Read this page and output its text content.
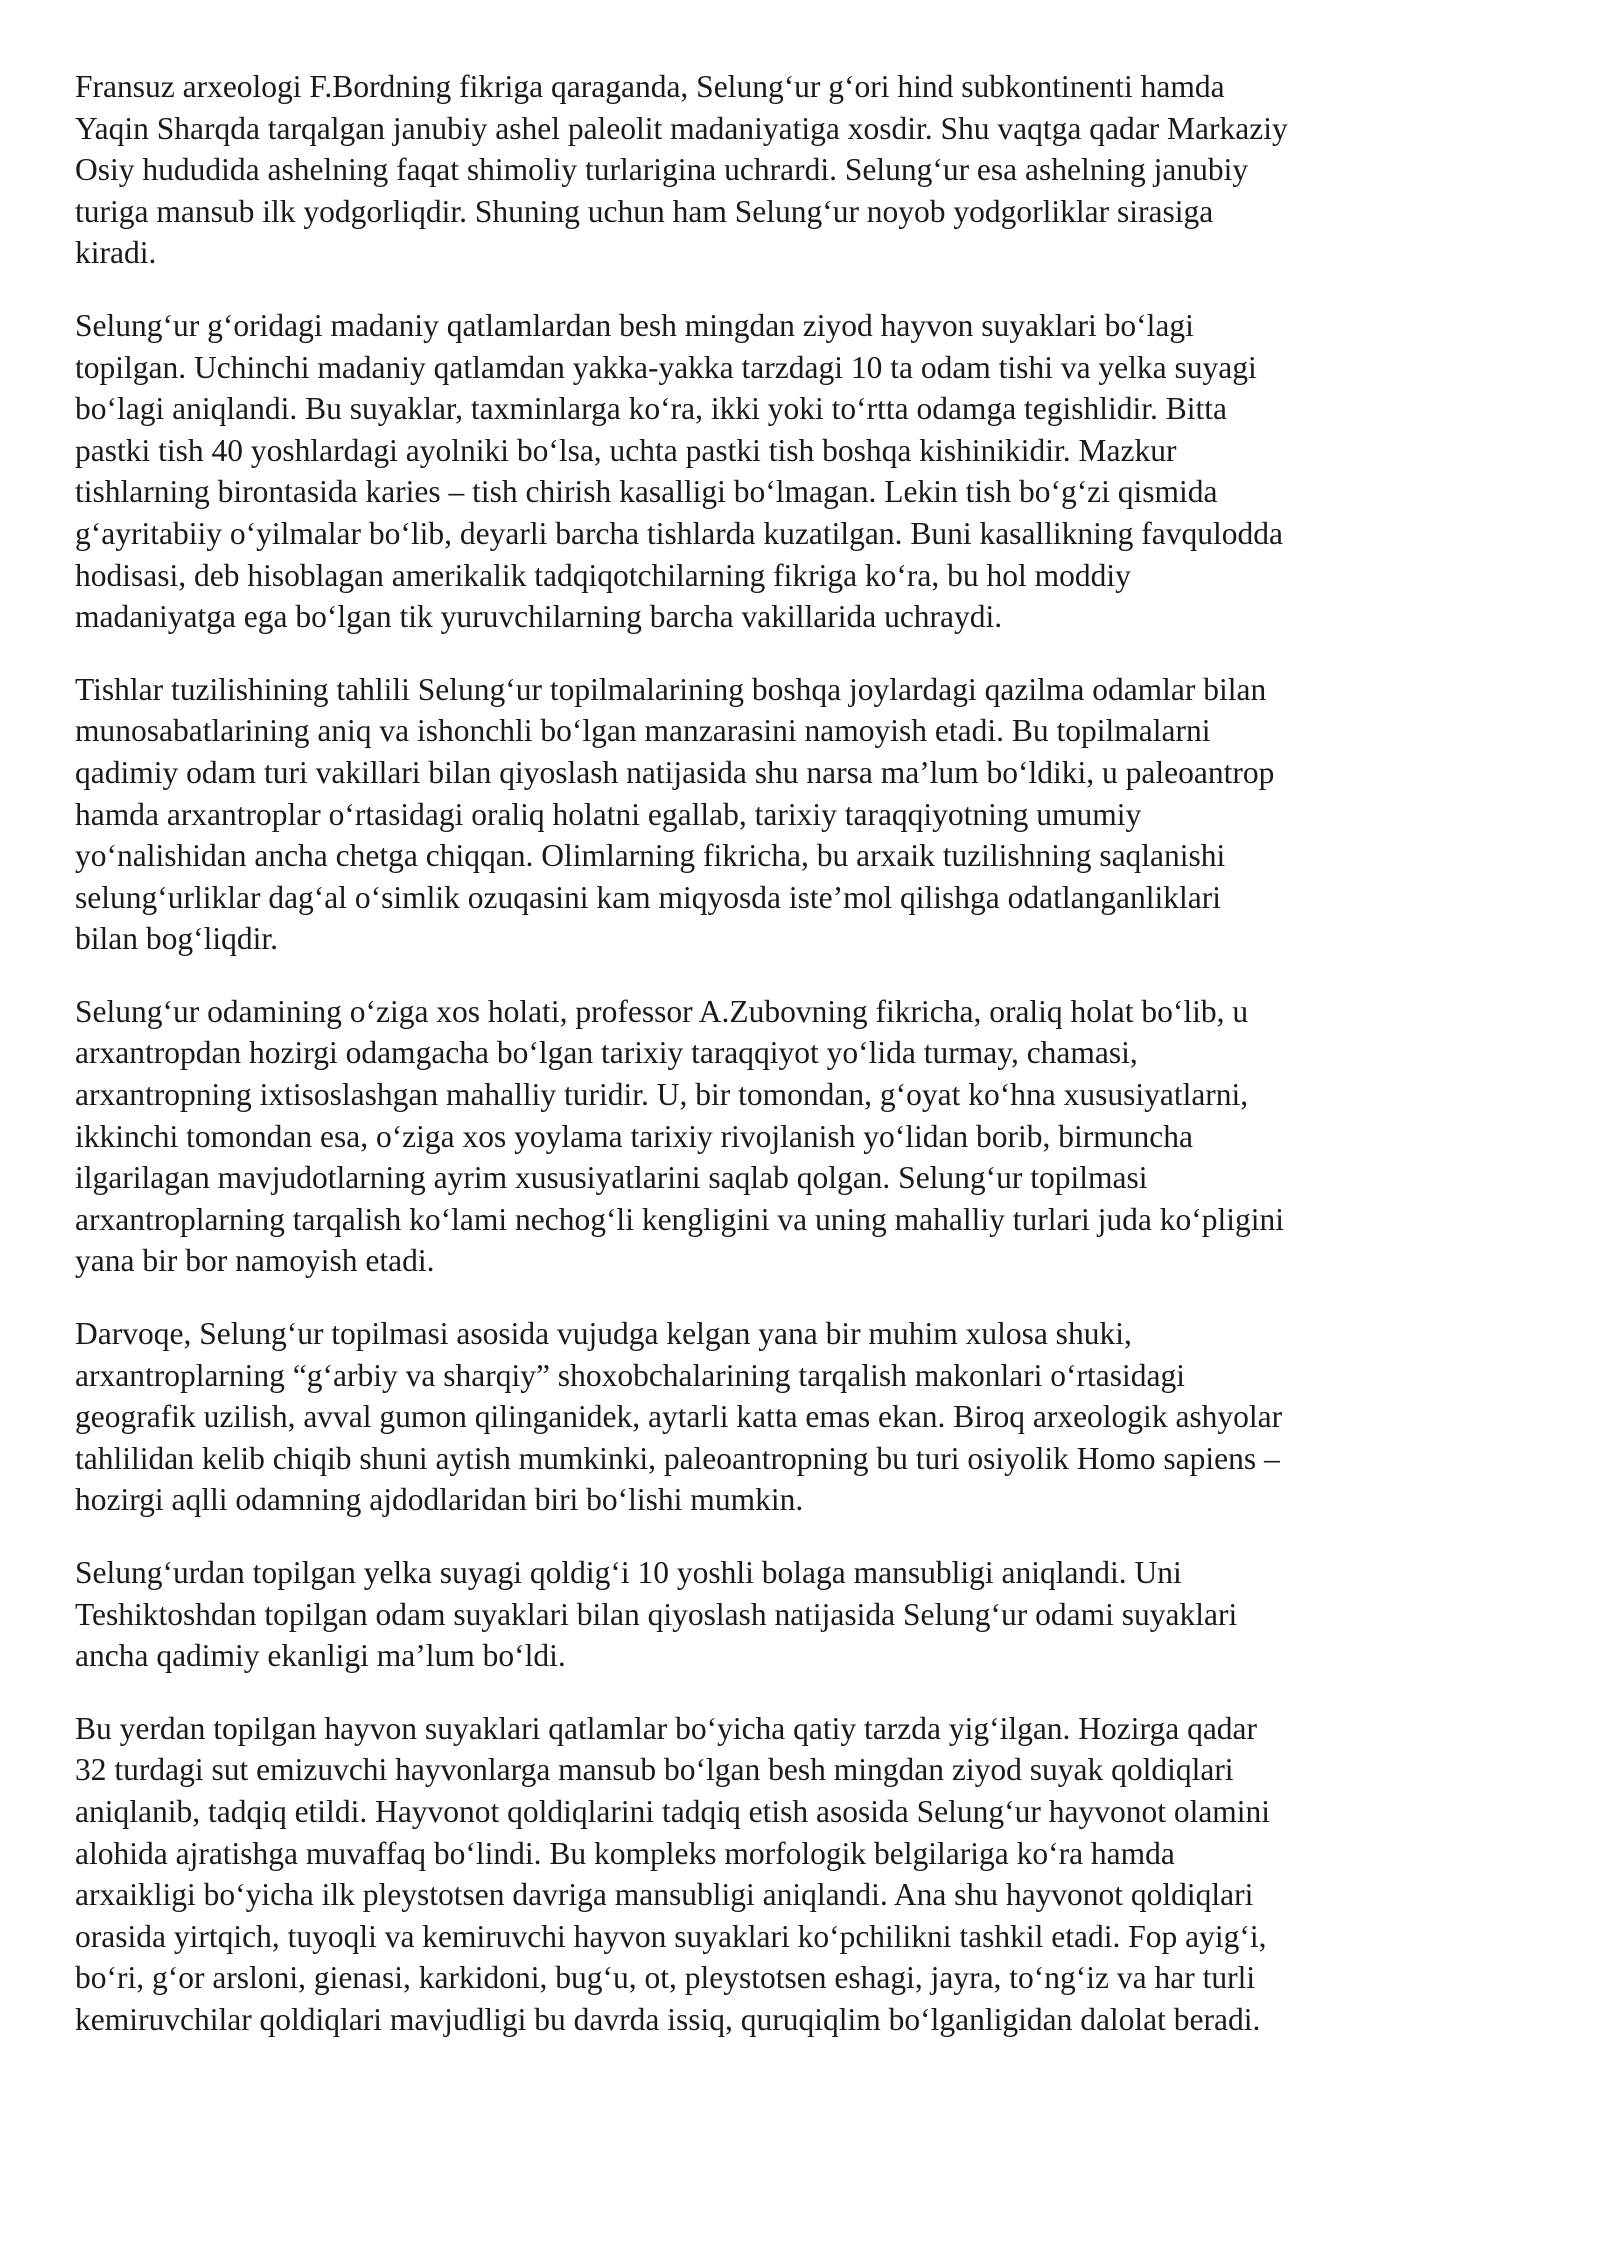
Fransuz arxeologi F.Bordning fikriga qaraganda, Selung‘ur g‘ori hind subkontinenti hamda
Yaqin Sharqda tarqalgan janubiy ashel paleolit madaniyatiga xosdir. Shu vaqtga qadar Markaziy
Osiy hududida ashelning faqat shimoliy turlariginа uchrardi. Selung‘ur esa ashelning janubiy
turiga mansub ilk yodgorliqdir. Shuning uchun ham Selung‘ur noyob yodgorliklar sirasiga
kiradi.

Selung‘ur g‘oridagi madaniy qatlamlardan besh mingdan ziyod hayvon suyaklari bo‘lagi
topilgan. Uchinchi madaniy qatlamdan yakka-yakka tarzdagi 10 ta odam tishi va yelka suyagi
bo‘lagi aniqlandi. Bu suyaklar, taxminlarga ko‘ra, ikki yoki to‘rtta odamga tegishlidir. Bitta
pastki tish 40 yoshlardagi ayolniki bo‘lsa, uchta pastki tish boshqa kishinikidir. Mazkur
tishlarning birontasida karies – tish chirish kasalligi bo‘lmagan. Lekin tish bo‘g‘zi qismida
g‘ayritabiiy o‘yilmalar bo‘lib, deyarli barcha tishlarda kuzatilgan. Buni kasallikning favqulodda
hodisasi, deb hisoblagan amerikalik tadqiqotchilarning fikriga ko‘ra, bu hol moddiy
madaniyatga ega bo‘lgan tik yuruvchilarning barcha vakillarida uchraydi.

Tishlar tuzilishining tahlili Selung‘ur topilmalarining boshqa joylardagi qazilma odamlar bilan
munosabatlarining aniq va ishonchli bo‘lgan manzarasini namoyish etadi. Bu topilmalarni
qadimiy odam turi vakillari bilan qiyoslash natijasida shu narsa ma’lum bo‘ldiki, u paleoantrop
hamda arxantroplar o‘rtasidagi oraliq holatni egallab, tarixiy taraqqiyotning umumiy
yo‘nalishidan ancha chetga chiqqan. Olimlarning fikricha, bu arxaik tuzilishning saqlanishi
selung‘urliklar dag‘al o‘simlik ozuqasini kam miqyosda iste’mol qilishga odatlanganliklari
bilan bog‘liqdir.

Selung‘ur odamining o‘ziga xos holati, professor A.Zubovning fikricha, oraliq holat bo‘lib, u
arxantropdan hozirgi odamgacha bo‘lgan tarixiy taraqqiyot yo‘lida turmay, chamasi,
arxantropning ixtisoslashgan mahalliy turidir. U, bir tomondan, g‘oyat ko‘hna xususiyatlarni,
ikkinchi tomondan esa, o‘ziga xos yoylama tarixiy rivojlanish yo‘lidan borib, birmuncha
ilgarilagan mavjudotlarning ayrim xususiyatlarini saqlab qolgan. Selung‘ur topilmasi
arxantroplarning tarqalish ko‘lami nechog‘li kengligini va uning mahalliy turlari juda ko‘pligini
yana bir bor namoyish etadi.

Darvoqe, Selung‘ur topilmasi asosida vujudga kelgan yana bir muhim xulosa shuki,
arxantroplarning “g‘arbiy va sharqiy” shoxobchalarining tarqalish makonlari o‘rtasidagi
geografik uzilish, avval gumon qilinganidek, aytarli katta emas ekan. Biroq arxeologik ashyolar
tahlilidan kelib chiqib shuni aytish mumkinki, paleoantropning bu turi osiyolik Homo sapiens –
hozirgi aqlli odamning ajdodlaridan biri bo‘lishi mumkin.

Selung‘urdan topilgan yelka suyagi qoldig‘i 10 yoshli bolaga mansubligi aniqlandi. Uni
Teshiktoshdan topilgan odam suyaklari bilan qiyoslash natijasida Selung‘ur odami suyaklari
ancha qadimiy ekanligi ma’lum bo‘ldi.

Bu yerdan topilgan hayvon suyaklari qatlamlar bo‘yicha qatiy tarzda yig‘ilgan. Hozirga qadar
32 turdagi sut emizuvchi hayvonlarga mansub bo‘lgan besh mingdan ziyod suyak qoldiqlari
aniqlanib, tadqiq etildi. Hayvonot qoldiqlarini tadqiq etish asosida Selung‘ur hayvonot olamini
alohida ajratishga muvaffaq bo‘lindi. Bu kompleks morfologik belgilariga ko‘ra hamda
arxaikligi bo‘yicha ilk pleystotsen davriga mansubligi aniqlandi. Ana shu hayvonot qoldiqlari
orasida yirtqich, tuyoqli va kemiruvchi hayvon suyaklari ko‘pchilikni tashkil etadi. Fop ayig‘i,
bo‘ri, g‘or arsloni, gienasi, karkidoni, bug‘u, ot, pleystotsen eshagi, jayra, to‘ng‘iz va har turli
kemiruvchilar qoldiqlari mavjudligi bu davrda issiq, quruqiqlim bo‘lganligidan dalolat beradi.
